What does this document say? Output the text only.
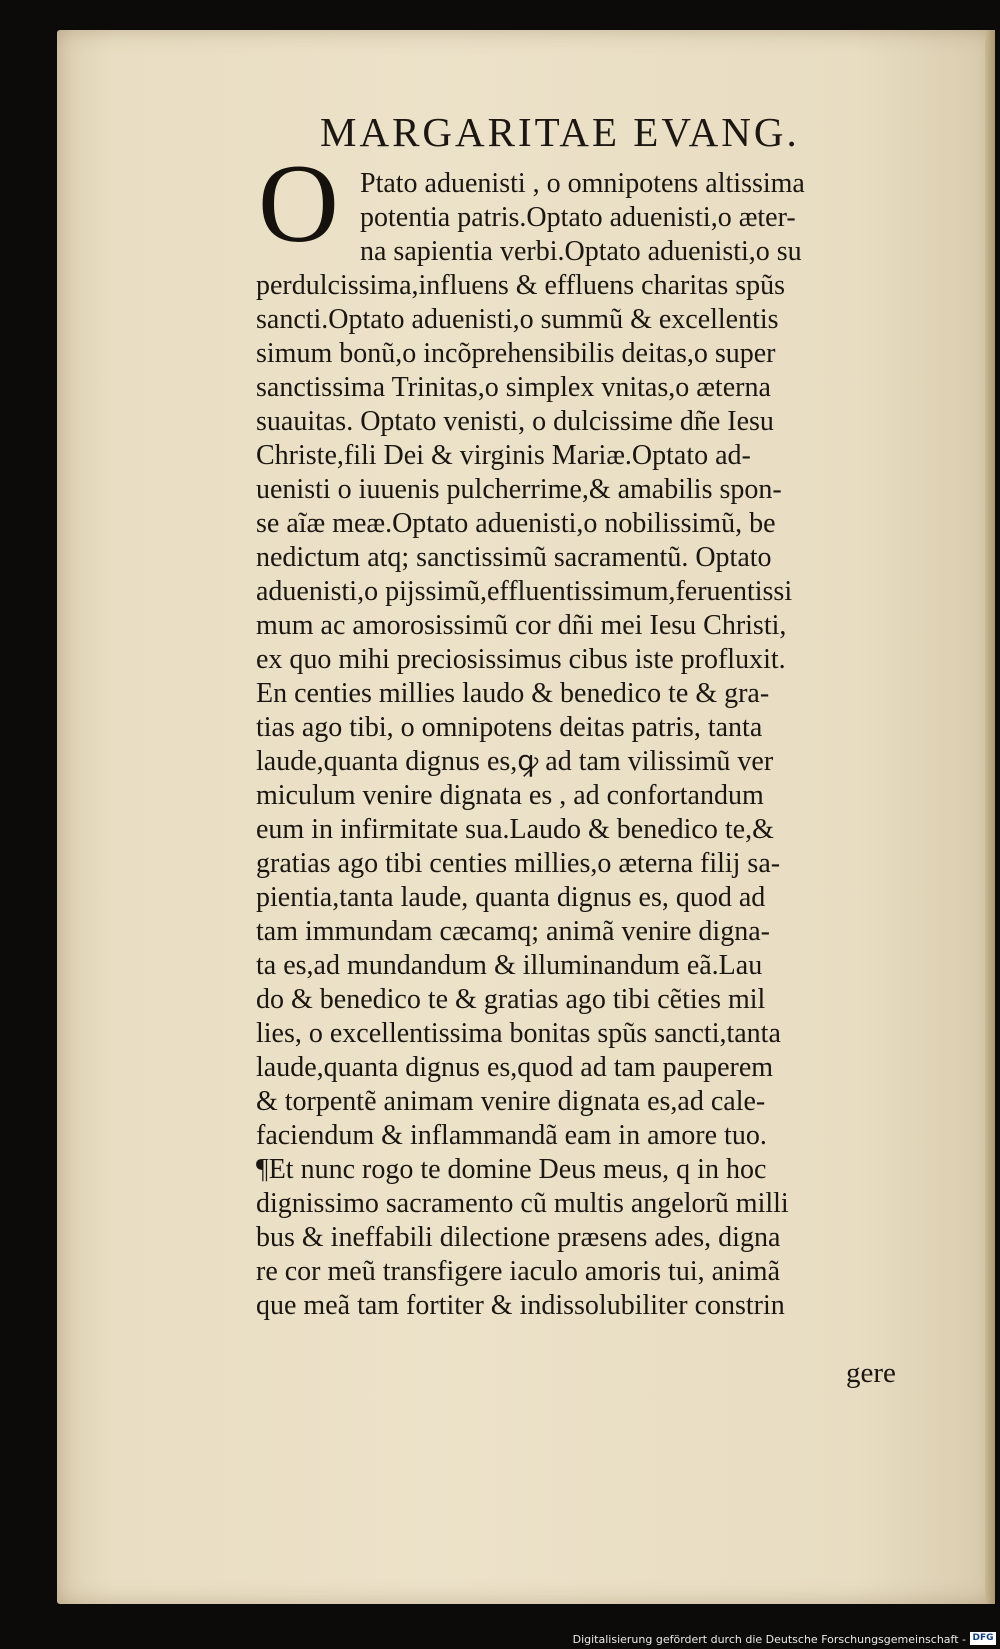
MARGARITAE EVANG.
O Ptato aduenisti , o omnipotens altissima
potentia patris.Optato aduenisti,o æter-
na sapientia verbi.Optato aduenisti,o su
perdulcissima,influens & effluens charitas spũs
sancti.Optato aduenisti,o summũ & excellentis
simum bonũ,o incõprehensibilis deitas,o super
sanctissima Trinitas,o simplex vnitas,o æterna
suauitas. Optato venisti, o dulcissime dñe Iesu
Christe,fili Dei & virginis Mariæ.Optato ad-
uenisti o iuuenis pulcherrime,& amabilis spon-
se aĩæ meæ.Optato aduenisti,o nobilissimũ, be
nedictum atq; sanctissimũ sacramentũ. Optato
aduenisti,o pijssimũ,effluentissimum,feruentissi
mum ac amorosissimũ cor dñi mei Iesu Christi,
ex quo mihi preciosissimus cibus iste profluxit.
En centies millies laudo & benedico te & gra-
tias ago tibi, o omnipotens deitas patris, tanta
laude,quanta dignus es,ꝙ ad tam vilissimũ ver
miculum venire dignata es , ad confortandum
eum in infirmitate sua.Laudo & benedico te,&
gratias ago tibi centies millies,o æterna filij sa-
pientia,tanta laude, quanta dignus es, quod ad
tam immundam cæcamq; animã venire digna-
ta es,ad mundandum & illuminandum eã.Lau
do & benedico te & gratias ago tibi cẽties mil
lies, o excellentissima bonitas spũs sancti,tanta
laude,quanta dignus es,quod ad tam pauperem
& torpentẽ animam venire dignata es,ad cale-
faciendum & inflammandã eam in amore tuo.
¶Et nunc rogo te domine Deus meus, q in hoc
dignissimo sacramento cũ multis angelorũ milli
bus & ineffabili dilectione præsens ades, digna
re cor meũ transfigere iaculo amoris tui, animã
que meã tam fortiter & indissolubiliter constrin
gere
Digitalisierung gefördert durch die Deutsche Forschungsgemeinschaft - DFG
